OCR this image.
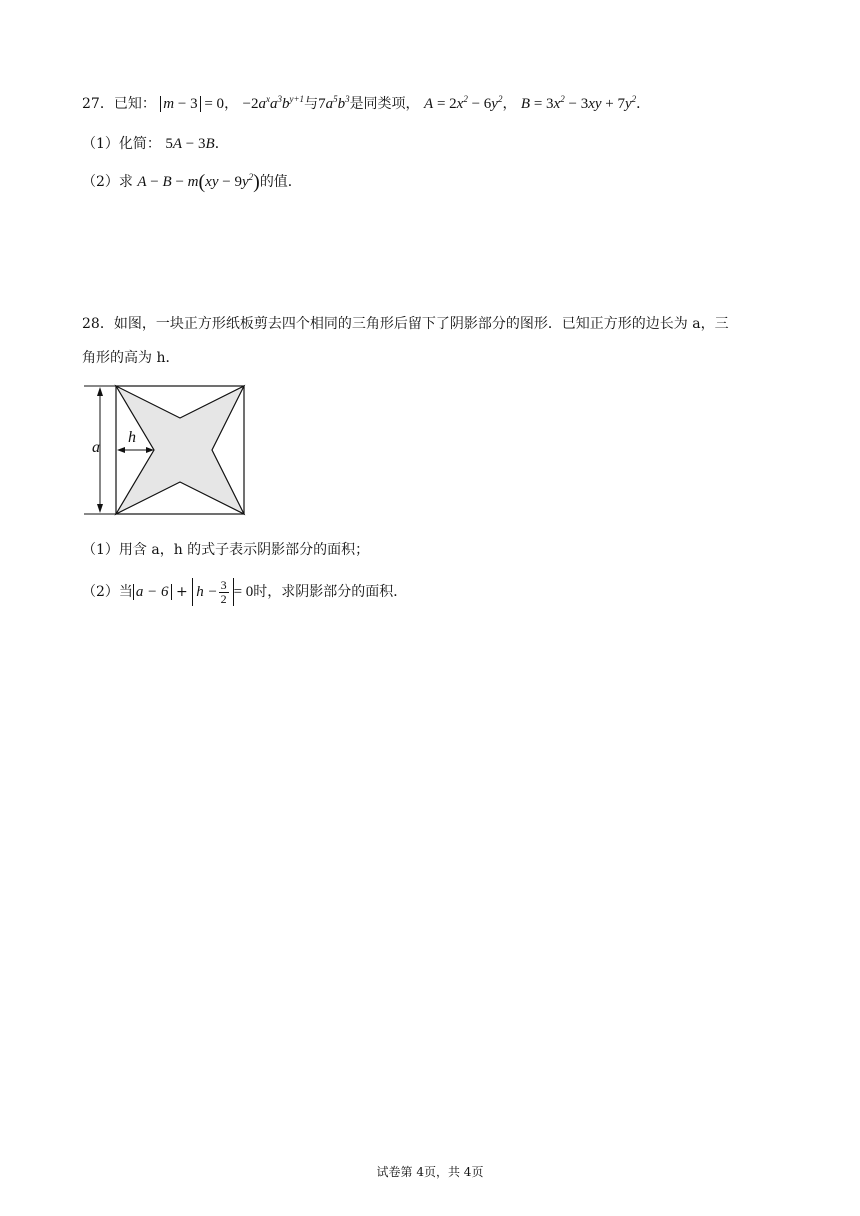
27．已知： m − 3 = 0， $-2a^xa^3b^{y+1}$与$7a^5b^3$是同类项， $A = 2x^2 - 6y^2$， $B = 3x^2 - 3xy + 7y^2$．
（1）化简： 5A − 3B．
（2）求 $A - B - m(xy - 9y^2)$的值．
28．如图，一块正方形纸板剪去四个相同的三角形后留下了阴影部分的图形．已知正方形的边长为 a，三
角形的高为 h．
a
h
（1）用含 a，h 的式子表示阴影部分的面积；
（2）当 $a - 6 + h - \frac{3}{2} = 0$时，求阴影部分的面积．
试卷第 4页，共 4页
